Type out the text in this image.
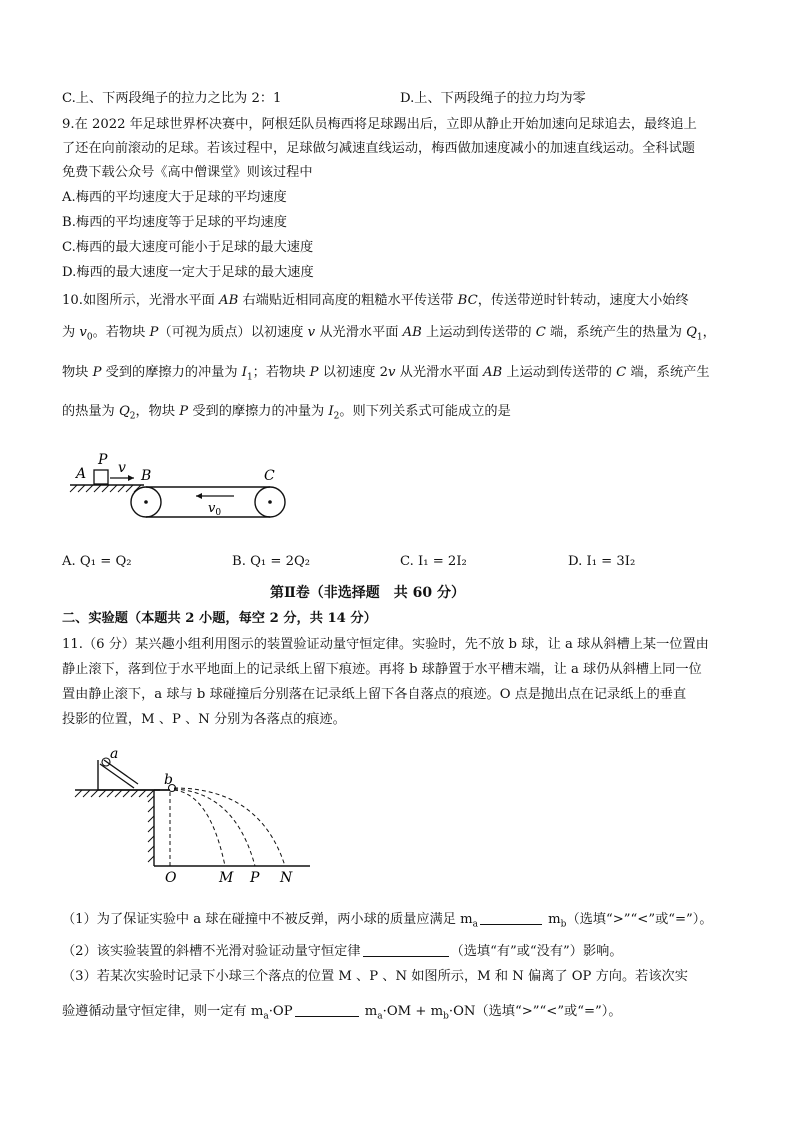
C.上、下两段绳子的拉力之比为 2：1	D.上、下两段绳子的拉力均为零
9.在 2022 年足球世界杯决赛中，阿根廷队员梅西将足球踢出后，立即从静止开始加速向足球追去，最终追上
了还在向前滚动的足球。若该过程中，足球做匀减速直线运动，梅西做加速度减小的加速直线运动。全科试题
免费下载公众号《高中僧课堂》则该过程中
A.梅西的平均速度大于足球的平均速度
B.梅西的平均速度等于足球的平均速度
C.梅西的最大速度可能小于足球的最大速度
D.梅西的最大速度一定大于足球的最大速度
10.如图所示，光滑水平面 AB 右端贴近相同高度的粗糙水平传送带 BC，传送带逆时针转动，速度大小始终
为 $v_0$。若物块 P（可视为质点）以初速度 v 从光滑水平面 AB 上运动到传送带的 C 端，系统产生的热量为 $Q_1$，
物块 P 受到的摩擦力的冲量为 $I_1$；若物块 P 以初速度 2v 从光滑水平面 AB 上运动到传送带的 C 端，系统产生
的热量为 $Q_2$，物块 P 受到的摩擦力的冲量为 $I_2$。则下列关系式可能成立的是
A
P v B	C
$v_0$
A. Q₁ = Q₂	B. Q₁ = 2Q₂	C. I₁ = 2I₂	D. I₁ = 3I₂
第Ⅱ卷（非选择题　共 60 分）
二、实验题（本题共 2 小题，每空 2 分，共 14 分）
11.（6 分）某兴趣小组利用图示的装置验证动量守恒定律。实验时，先不放 b 球，让 a 球从斜槽上某一位置由
静止滚下，落到位于水平地面上的记录纸上留下痕迹。再将 b 球静置于水平槽末端，让 a 球仍从斜槽上同一位
置由静止滚下，a 球与 b 球碰撞后分别落在记录纸上留下各自落点的痕迹。O 点是抛出点在记录纸上的垂直
投影的位置，M 、P 、N 分别为各落点的痕迹。
a
b
O	M P N
（1）为了保证实验中 a 球在碰撞中不被反弹，两小球的质量应满足 $m_a$	$m_b$（选填“>”“<”或“=”）。
（2）该实验装置的斜槽不光滑对验证动量守恒定律	（选填“有”或“没有”）影响。
（3）若某次实验时记录下小球三个落点的位置 M 、P 、N 如图所示，M 和 N 偏离了 OP 方向。若该次实
验遵循动量守恒定律，则一定有 $m_a\cdot OP$	$m_a\cdot OM + m_b\cdot ON$（选填“>”“<”或“=”）。
